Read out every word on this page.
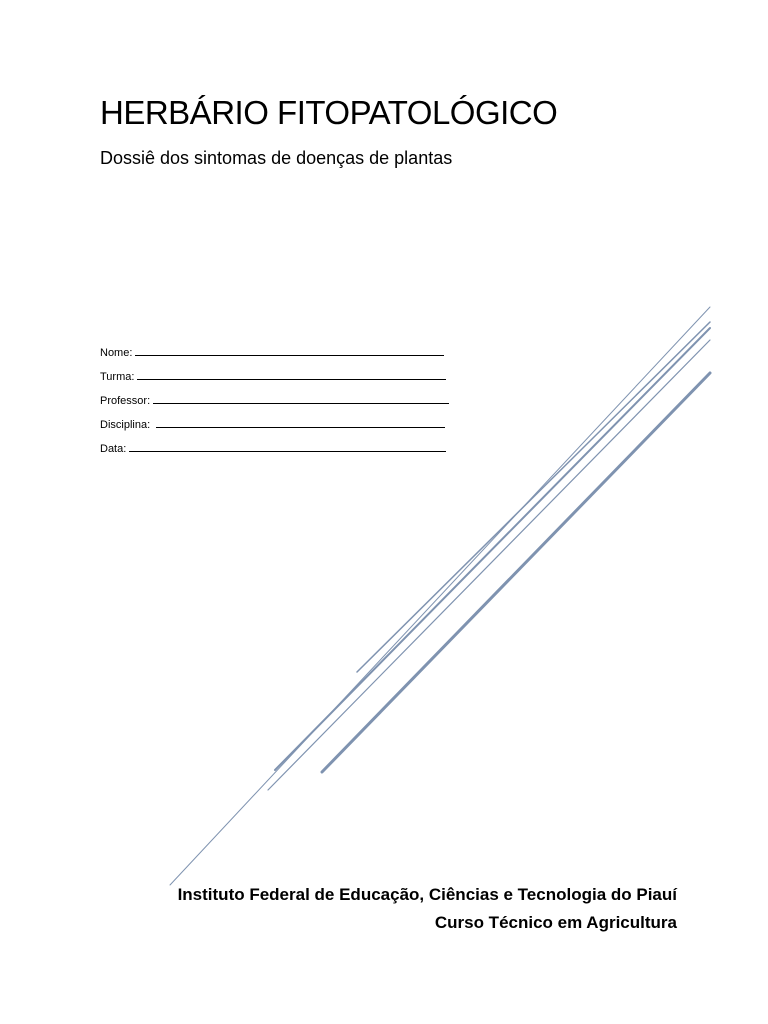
HERBÁRIO FITOPATOLÓGICO

Dossiê dos sintomas de doenças de plantas

Nome:
Turma:
Professor:
Disciplina:
Data:

Instituto Federal de Educação, Ciências e Tecnologia do Piauí

Curso Técnico em Agricultura
